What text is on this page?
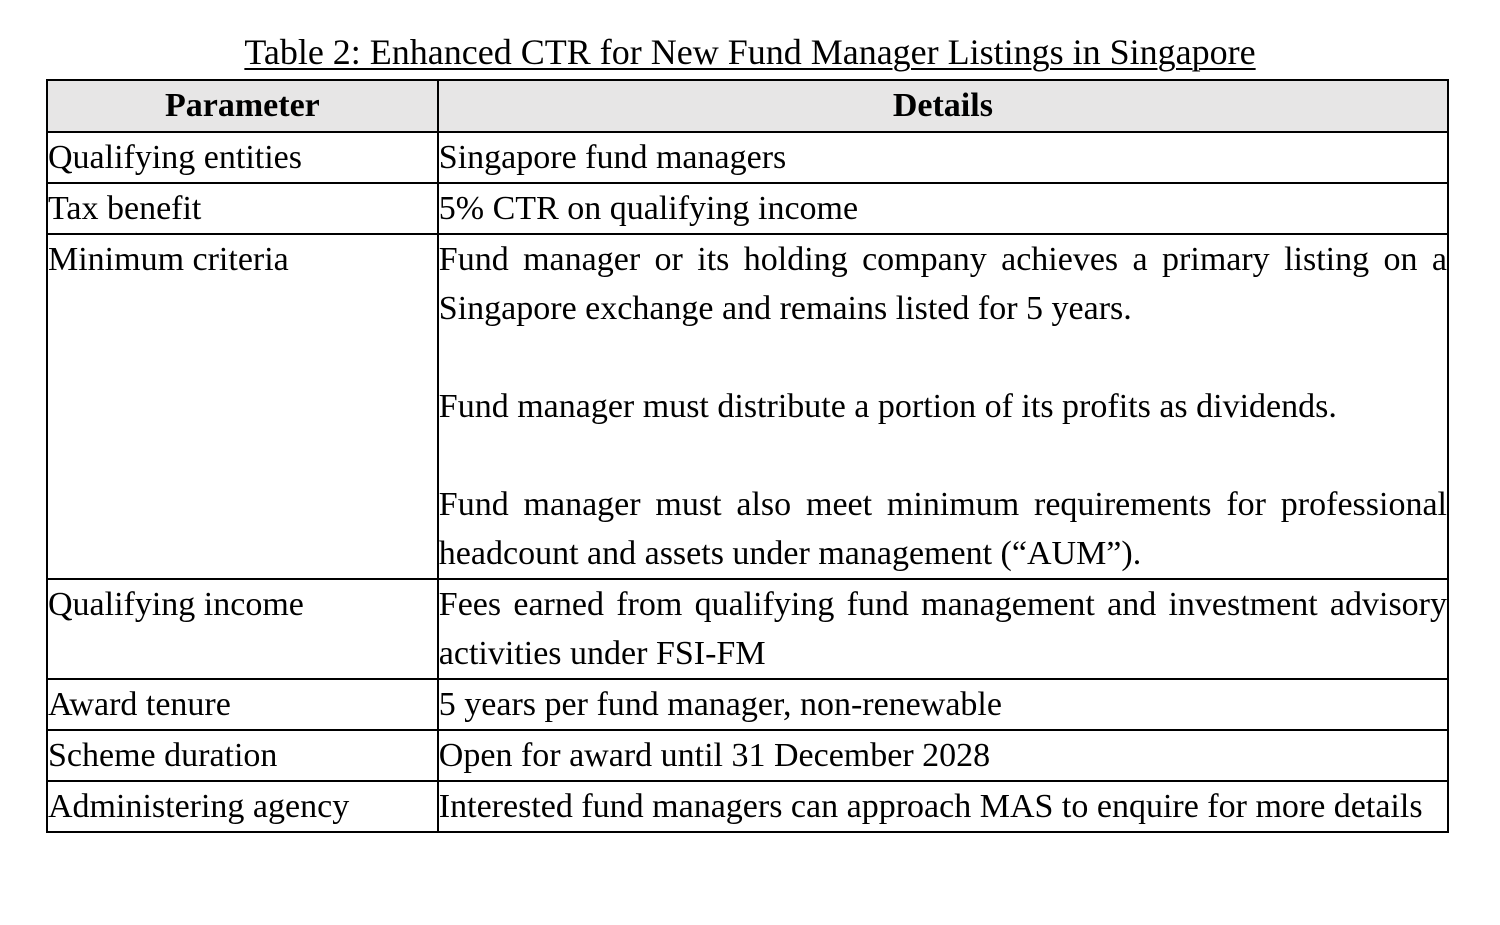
Table 2: Enhanced CTR for New Fund Manager Listings in Singapore
Parameter	Details
Qualifying entities	Singapore fund managers

Tax benefit	5% CTR on qualifying income

Minimum criteria	Fund manager or its holding company achieves a primary listing on a Singapore exchange and remains listed for 5 years.

Fund manager must distribute a portion of its profits as dividends.

Fund manager must also meet minimum requirements for professional headcount and assets under management (“AUM”).

Qualifying income	Fees earned from qualifying fund management and investment advisory activities under FSI-FM

Award tenure	5 years per fund manager, non-renewable

Scheme duration	Open for award until 31 December 2028

Administering agency	Interested fund managers can approach MAS to enquire for more details
